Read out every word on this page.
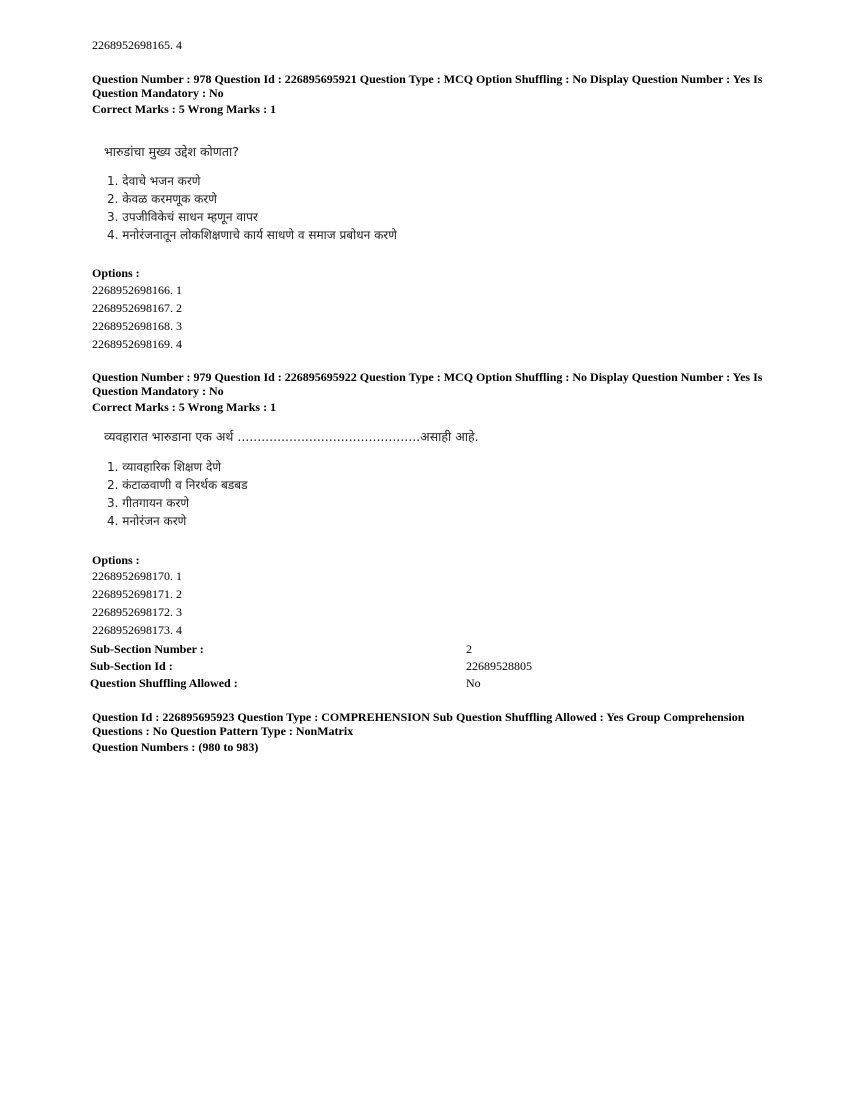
2268952698165. 4
Question Number : 978 Question Id : 226895695921 Question Type : MCQ Option Shuffling : No Display Question Number : Yes Is
Question Mandatory : No
Correct Marks : 5 Wrong Marks : 1
भारुडांचा मुख्य उद्देश कोणता?
1. देवाचे भजन करणे
2. केवळ करमणूक करणे
3. उपजीविकेचं साधन म्हणून वापर
4. मनोरंजनातून लोकशिक्षणाचे कार्य साधणे व समाज प्रबोधन करणे
Options :
2268952698166. 1
2268952698167. 2
2268952698168. 3
2268952698169. 4
Question Number : 979 Question Id : 226895695922 Question Type : MCQ Option Shuffling : No Display Question Number : Yes Is
Question Mandatory : No
Correct Marks : 5 Wrong Marks : 1
व्यवहारात भारुडाना एक अर्थ ..............................................असाही आहे.
1. व्यावहारिक शिक्षण देणे
2. कंटाळवाणी व निरर्थक बडबड
3. गीतगायन करणे
4. मनोरंजन करणे
Options :
2268952698170. 1
2268952698171. 2
2268952698172. 3
2268952698173. 4
Sub-Section Number :	2
Sub-Section Id :	22689528805
Question Shuffling Allowed :	No
Question Id : 226895695923 Question Type : COMPREHENSION Sub Question Shuffling Allowed : Yes Group Comprehension
Questions : No Question Pattern Type : NonMatrix
Question Numbers : (980 to 983)
